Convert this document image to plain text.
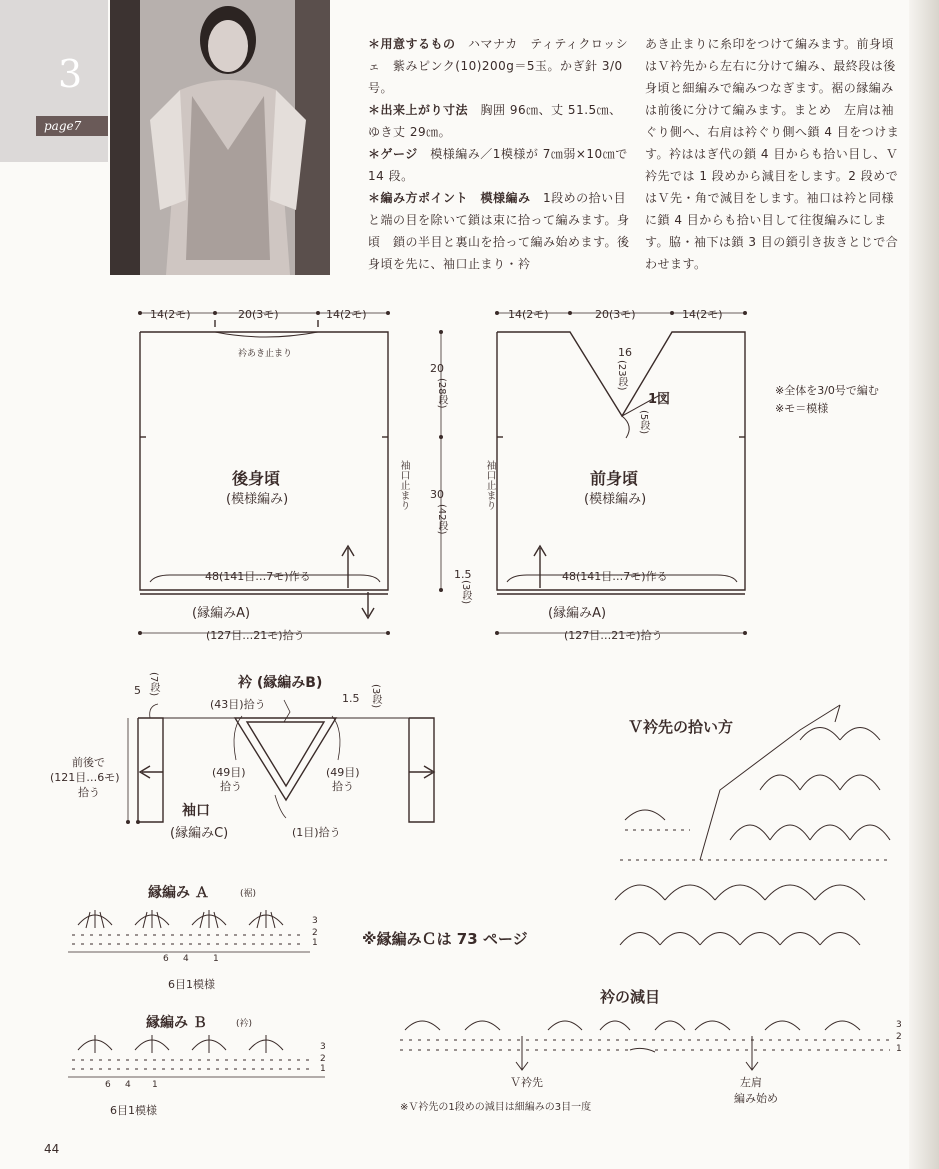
3
page7
＊用意するもの　 ハマナカ　ティティクロッシェ　紫みピンク(10)200g＝5玉。かぎ針 3/0号。
＊出来上がり寸法　 胸囲 96㎝、丈 51.5㎝、ゆき丈 29㎝。
＊ゲージ　 模様編み／1模様が 7㎝弱×10㎝で 14 段。
＊編み方ポイント　模様編み　 1段めの拾い目と端の目を除いて鎖は束に拾って編みます。身頃　鎖の半目と裏山を拾って編み始めます。後身頃を先に、袖口止まり・衿
あき止まりに糸印をつけて編みます。前身頃はＶ衿先から左右に分けて編み、最終段は後身頃と細編みで編みつなぎます。裾の縁編みは前後に分けて編みます。まとめ　左肩は袖ぐり側へ、右肩は衿ぐり側へ鎖 4 目をつけます。衿ははぎ代の鎖 4 目からも拾い目し、Ｖ衿先では 1 段めから減目をします。2 段めではＶ先・角で減目をします。袖口は衿と同様に鎖 4 目からも拾い目して往復編みにします。脇・袖下は鎖 3 目の鎖引き抜きとじで合わせます。
14(2モ)	20(3モ)	14(2モ)
衿あき止まり
後身頃
(模様編み)
48(141目…7モ)作る
(縁編みA)
(127目…21モ)拾う
袖口止まり
14(2モ)	20(3モ)	14(2モ)
16
(23段)
1図
(5段)
前身頃
(模様編み)
48(141目…7モ)作る
(縁編みA)
(127目…21モ)拾う
袖口止まり
20
(28段)
30
(42段)
1.5
(3段)
※全体を3/0号で編む
※モ＝模様
衿 (縁編みB)
5 (7段)
1.5 (3段)
(43目)拾う
(49目)
拾う
(49目)
拾う
(1目)拾う
袖口
(縁編みC)
前後で
(121目…6モ)
拾う
Ｖ衿先の拾い方
縁編み Ａ	(裾)
6 4	1
6目1模様
3
2
1	※縁編みＣは 73 ページ
縁編み Ｂ	(衿)
6 4 1
6目1模様
3
2
1
衿の減目
Ｖ衿先	左肩
編み始め
※Ｖ衿先の1段めの減目は細編みの3目一度
3
2
1
44
